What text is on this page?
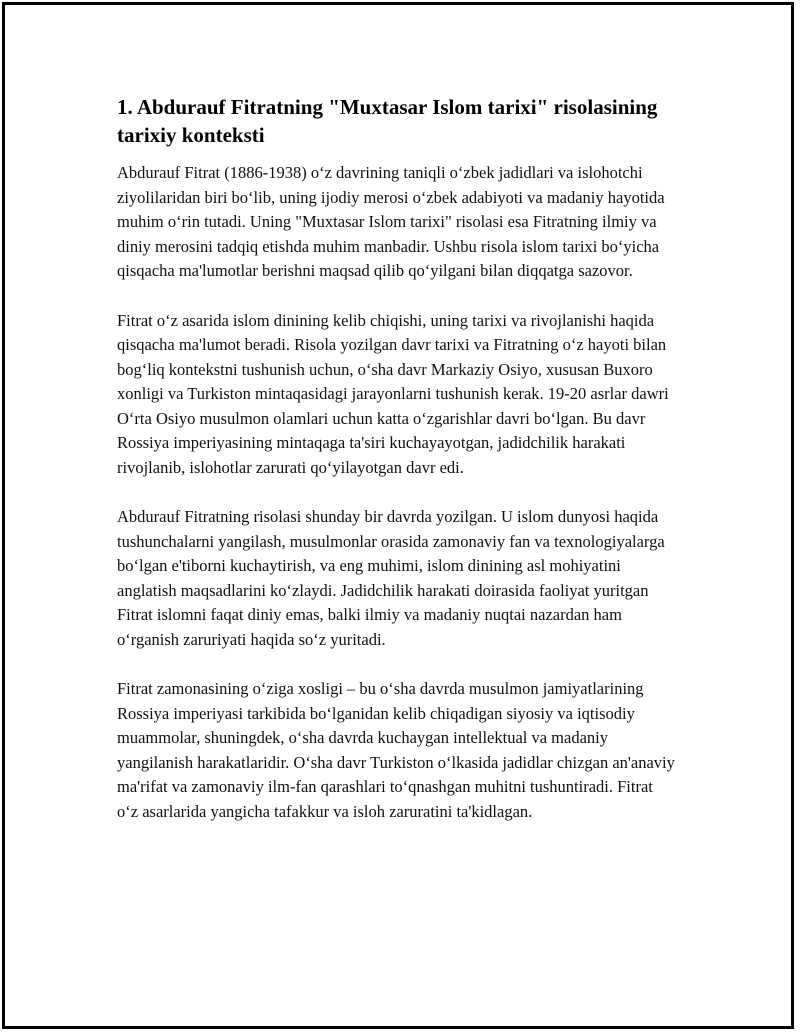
1. Abdurauf Fitratning "Muxtasar Islom tarixi" risolasining tarixiy konteksti

Abdurauf Fitrat (1886-1938) o‘z davrining taniqli o‘zbek jadidlari va islohotchi ziyolilaridan biri bo‘lib, uning ijodiy merosi o‘zbek adabiyoti va madaniy hayotida muhim o‘rin tutadi. Uning "Muxtasar Islom tarixi" risolasi esa Fitratning ilmiy va diniy merosini tadqiq etishda muhim manbadir. Ushbu risola islom tarixi bo‘yicha qisqacha ma'lumotlar berishni maqsad qilib qo‘yilgani bilan diqqatga sazovor.

Fitrat o‘z asarida islom dinining kelib chiqishi, uning tarixi va rivojlanishi haqida qisqacha ma'lumot beradi. Risola yozilgan davr tarixi va Fitratning o‘z hayoti bilan bog‘liq kontekstni tushunish uchun, o‘sha davr Markaziy Osiyo, xususan Buxoro xonligi va Turkiston mintaqasidagi jarayonlarni tushunish kerak. 19-20 asrlar dawri O‘rta Osiyo musulmon olamlari uchun katta o‘zgarishlar davri bo‘lgan. Bu davr Rossiya imperiyasining mintaqaga ta'siri kuchayayotgan, jadidchilik harakati rivojlanib, islohotlar zarurati qo‘yilayotgan davr edi.

Abdurauf Fitratning risolasi shunday bir davrda yozilgan. U islom dunyosi haqida tushunchalarni yangilash, musulmonlar orasida zamonaviy fan va texnologiyalarga bo‘lgan e'tiborni kuchaytirish, va eng muhimi, islom dinining asl mohiyatini anglatish maqsadlarini ko‘zlaydi. Jadidchilik harakati doirasida faoliyat yuritgan Fitrat islomni faqat diniy emas, balki ilmiy va madaniy nuqtai nazardan ham o‘rganish zaruriyati haqida so‘z yuritadi.

Fitrat zamonasining o‘ziga xosligi – bu o‘sha davrda musulmon jamiyatlarining Rossiya imperiyasi tarkibida bo‘lganidan kelib chiqadigan siyosiy va iqtisodiy muammolar, shuningdek, o‘sha davrda kuchaygan intellektual va madaniy yangilanish harakatlaridir. O‘sha davr Turkiston o‘lkasida jadidlar chizgan an'anaviy ma'rifat va zamonaviy ilm-fan qarashlari to‘qnashgan muhitni tushuntiradi. Fitrat o‘z asarlarida yangicha tafakkur va isloh zaruratini ta'kidlagan.
